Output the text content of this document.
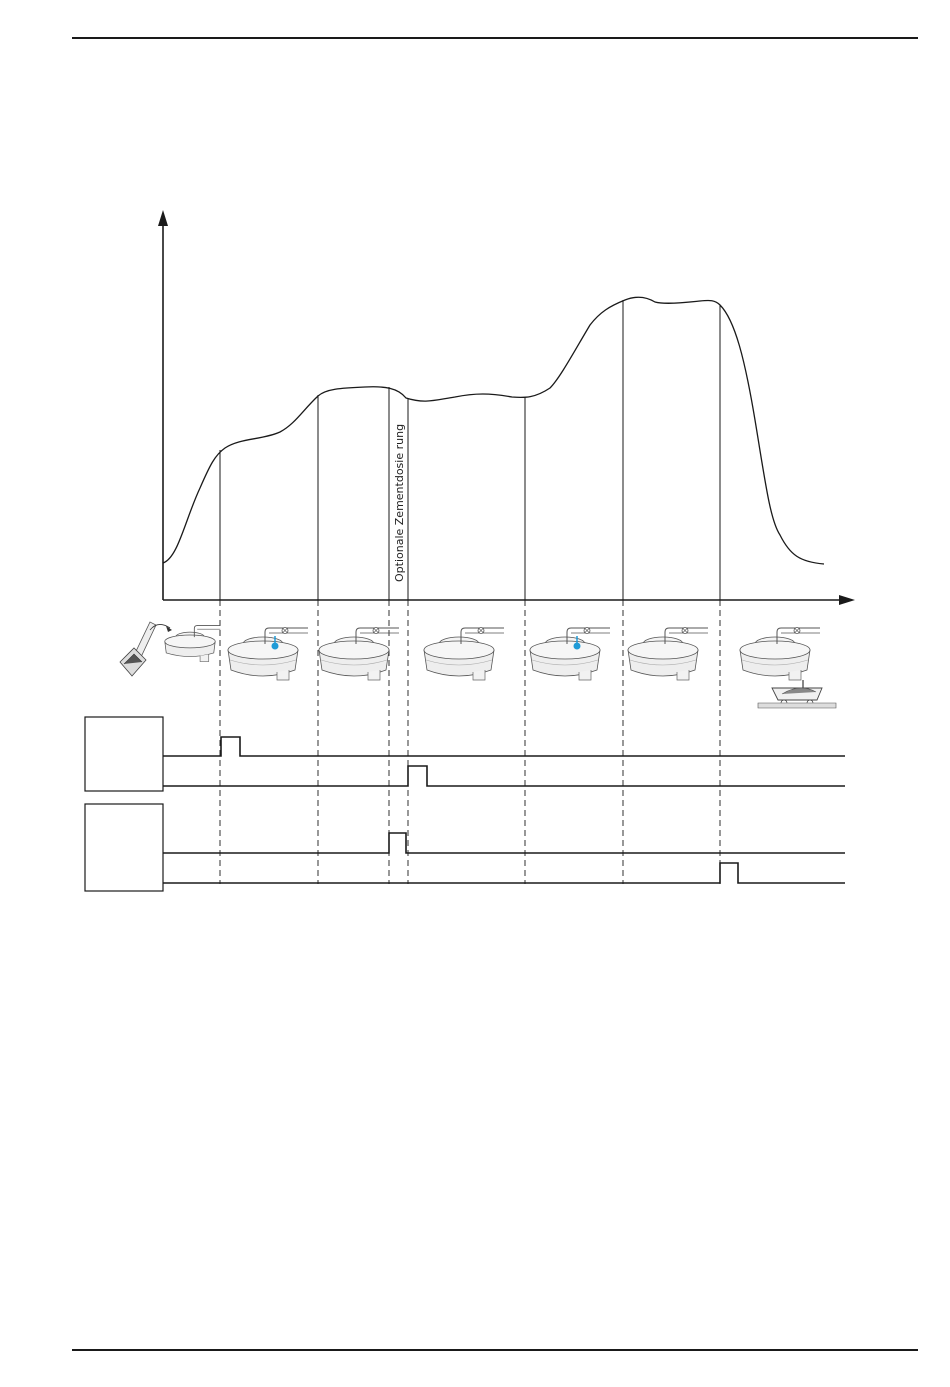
Optionale Zementdosie rung
